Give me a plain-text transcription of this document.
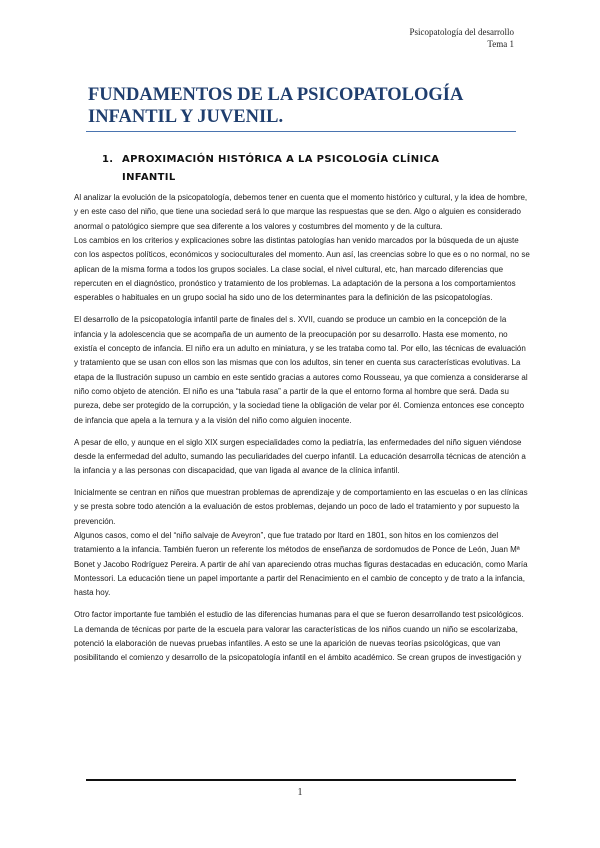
Psicopatología del desarrollo
Tema 1
FUNDAMENTOS DE LA PSICOPATOLOGÍA
INFANTIL Y JUVENIL.
1. APROXIMACIÓN HISTÓRICA A LA PSICOLOGÍA CLÍNICA
INFANTIL

Al analizar la evolución de la psicopatología, debemos tener en cuenta que el momento histórico y cultural, y la idea de hombre, y en este caso del niño, que tiene una sociedad será lo que marque las respuestas que se den. Algo o alguien es considerado anormal o patológico siempre que sea diferente a los valores y costumbres del momento y de la cultura.

Los cambios en los criterios y explicaciones sobre las distintas patologías han venido marcados por la búsqueda de un ajuste con los aspectos políticos, económicos y socioculturales del momento. Aun así, las creencias sobre lo que es o no normal, no se aplican de la misma forma a todos los grupos sociales. La clase social, el nivel cultural, etc, han marcado diferencias que repercuten en el diagnóstico, pronóstico y tratamiento de los problemas. La adaptación de la persona a los comportamientos esperables o habituales en un grupo social ha sido uno de los determinantes para la definición de las psicopatologías.

El desarrollo de la psicopatología infantil parte de finales del s. XVII, cuando se produce un cambio en la concepción de la infancia y la adolescencia que se acompaña de un aumento de la preocupación por su desarrollo. Hasta ese momento, no existía el concepto de infancia. El niño era un adulto en miniatura, y se les trataba como tal. Por ello, las técnicas de evaluación y tratamiento que se usan con ellos son las mismas que con los adultos, sin tener en cuenta sus características evolutivas. La etapa de la Ilustración supuso un cambio en este sentido gracias a autores como Rousseau, ya que comienza a considerarse al niño como objeto de atención. El niño es una “tabula rasa” a partir de la que el entorno forma al hombre que será. Dada su pureza, debe ser protegido de la corrupción, y la sociedad tiene la obligación de velar por él. Comienza entonces ese concepto de infancia que apela a la ternura y a la visión del niño como alguien inocente.

A pesar de ello, y aunque en el siglo XIX surgen especialidades como la pediatría, las enfermedades del niño siguen viéndose desde la enfermedad del adulto, sumando las peculiaridades del cuerpo infantil. La educación desarrolla técnicas de atención a la infancia y a las personas con discapacidad, que van ligada al avance de la clínica infantil.

Inicialmente se centran en niños que muestran problemas de aprendizaje y de comportamiento en las escuelas o en las clínicas y se presta sobre todo atención a la evaluación de estos problemas, dejando un poco de lado el tratamiento y por supuesto la prevención.

Algunos casos, como el del “niño salvaje de Aveyron”, que fue tratado por Itard en 1801, son hitos en los comienzos del tratamiento a la infancia. También fueron un referente los métodos de enseñanza de sordomudos de Ponce de León, Juan Mª Bonet y Jacobo Rodríguez Pereira. A partir de ahí van apareciendo otras muchas figuras destacadas en educación, como María Montessori. La educación tiene un papel importante a partir del Renacimiento en el cambio de concepto y de trato a la infancia, hasta hoy.

Otro factor importante fue también el estudio de las diferencias humanas para el que se fueron desarrollando test psicológicos. La demanda de técnicas por parte de la escuela para valorar las características de los niños cuando un niño se escolarizaba, potenció la elaboración de nuevas pruebas infantiles. A esto se une la aparición de nuevas teorías psicológicas, que van posibilitando el comienzo y desarrollo de la psicopatología infantil en el ámbito académico. Se crean grupos de investigación y

1
